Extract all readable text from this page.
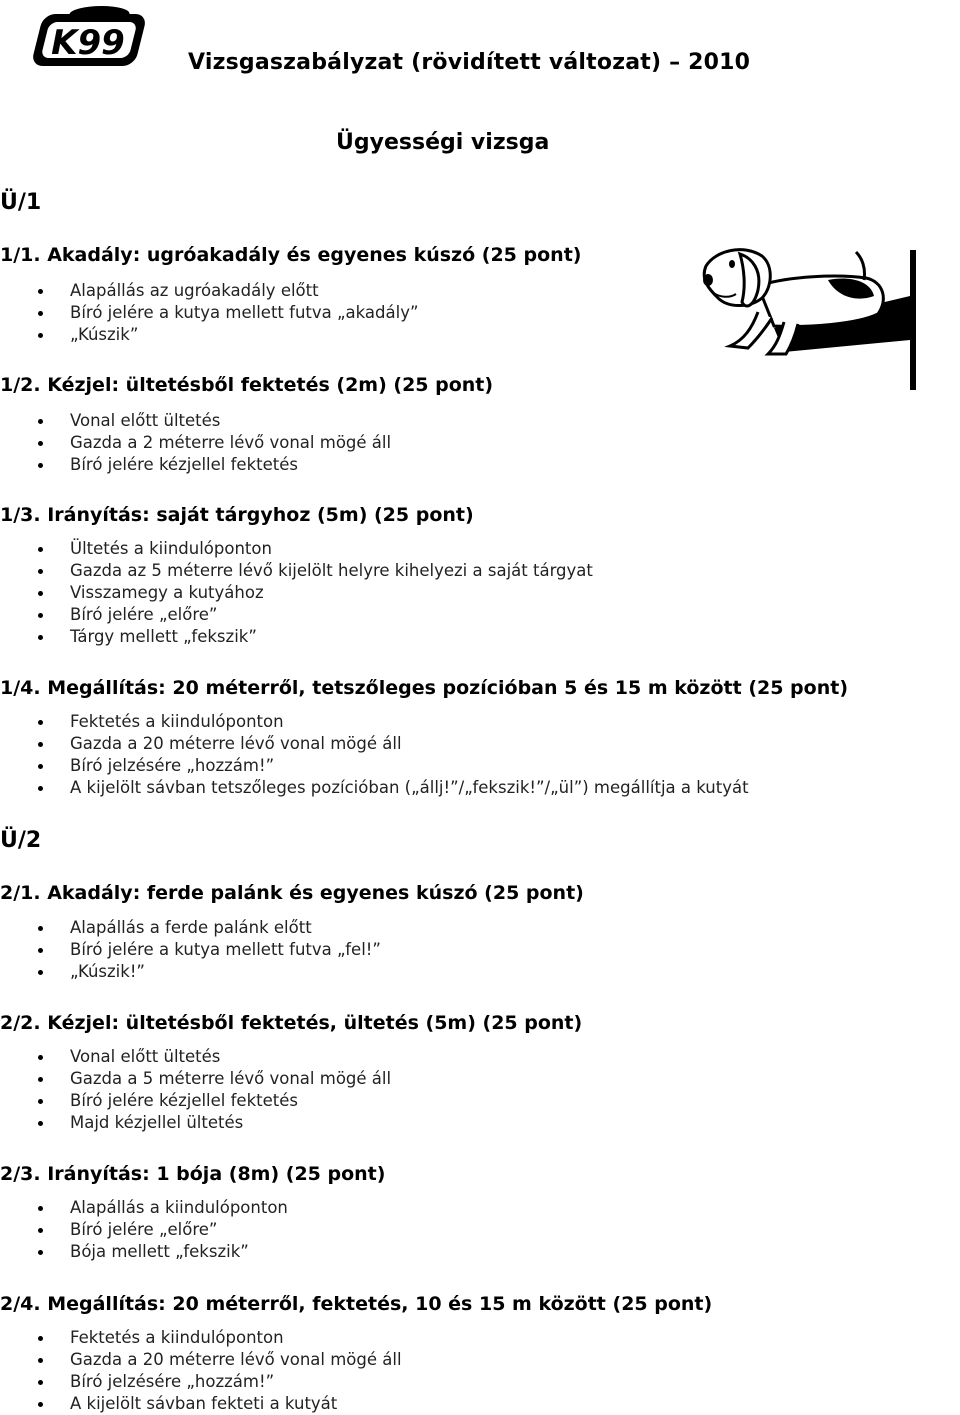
K99	Vizsgaszabályzat (rövidített változat) – 2010
Ügyességi vizsga
Ü/1
1/1. Akadály: ugróakadály és egyenes kúszó (25 pont)
Alapállás az ugróakadály előtt
Bíró jelére a kutya mellett futva „akadály”
„Kúszik”
1/2. Kézjel: ültetésből fektetés (2m) (25 pont)
Vonal előtt ültetés
Gazda a 2 méterre lévő vonal mögé áll
Bíró jelére kézjellel fektetés
1/3. Irányítás: saját tárgyhoz (5m) (25 pont)
Ültetés a kiindulóponton
Gazda az 5 méterre lévő kijelölt helyre kihelyezi a saját tárgyat
Visszamegy a kutyához
Bíró jelére „előre”
Tárgy mellett „fekszik”
1/4. Megállítás: 20 méterről, tetszőleges pozícióban 5 és 15 m között (25 pont)
Fektetés a kiindulóponton
Gazda a 20 méterre lévő vonal mögé áll
Bíró jelzésére „hozzám!”
A kijelölt sávban tetszőleges pozícióban („állj!”/„fekszik!”/„ül”) megállítja a kutyát
Ü/2
2/1. Akadály: ferde palánk és egyenes kúszó (25 pont)
Alapállás a ferde palánk előtt
Bíró jelére a kutya mellett futva „fel!”
„Kúszik!”
2/2. Kézjel: ültetésből fektetés, ültetés (5m) (25 pont)
Vonal előtt ültetés
Gazda a 5 méterre lévő vonal mögé áll
Bíró jelére kézjellel fektetés
Majd kézjellel ültetés
2/3. Irányítás: 1 bója (8m) (25 pont)
Alapállás a kiindulóponton
Bíró jelére „előre”
Bója mellett „fekszik”
2/4. Megállítás: 20 méterről, fektetés, 10 és 15 m között (25 pont)
Fektetés a kiindulóponton
Gazda a 20 méterre lévő vonal mögé áll
Bíró jelzésére „hozzám!”
A kijelölt sávban fekteti a kutyát
